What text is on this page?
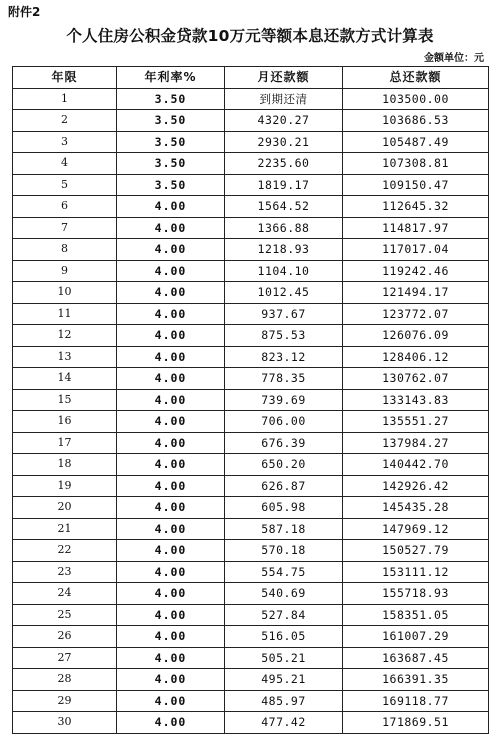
附件2
个人住房公积金贷款10万元等额本息还款方式计算表
金额单位：元
年限	年利率%	月还款额	总还款额
1	3.50	到期还清	103500.00
2	3.50	4320.27	103686.53
3	3.50	2930.21	105487.49
4	3.50	2235.60	107308.81
5	3.50	1819.17	109150.47
6	4.00	1564.52	112645.32
7	4.00	1366.88	114817.97
8	4.00	1218.93	117017.04
9	4.00	1104.10	119242.46
10	4.00	1012.45	121494.17
11	4.00	937.67	123772.07
12	4.00	875.53	126076.09
13	4.00	823.12	128406.12
14	4.00	778.35	130762.07
15	4.00	739.69	133143.83
16	4.00	706.00	135551.27
17	4.00	676.39	137984.27
18	4.00	650.20	140442.70
19	4.00	626.87	142926.42
20	4.00	605.98	145435.28
21	4.00	587.18	147969.12
22	4.00	570.18	150527.79
23	4.00	554.75	153111.12
24	4.00	540.69	155718.93
25	4.00	527.84	158351.05
26	4.00	516.05	161007.29
27	4.00	505.21	163687.45
28	4.00	495.21	166391.35
29	4.00	485.97	169118.77
30	4.00	477.42	171869.51
